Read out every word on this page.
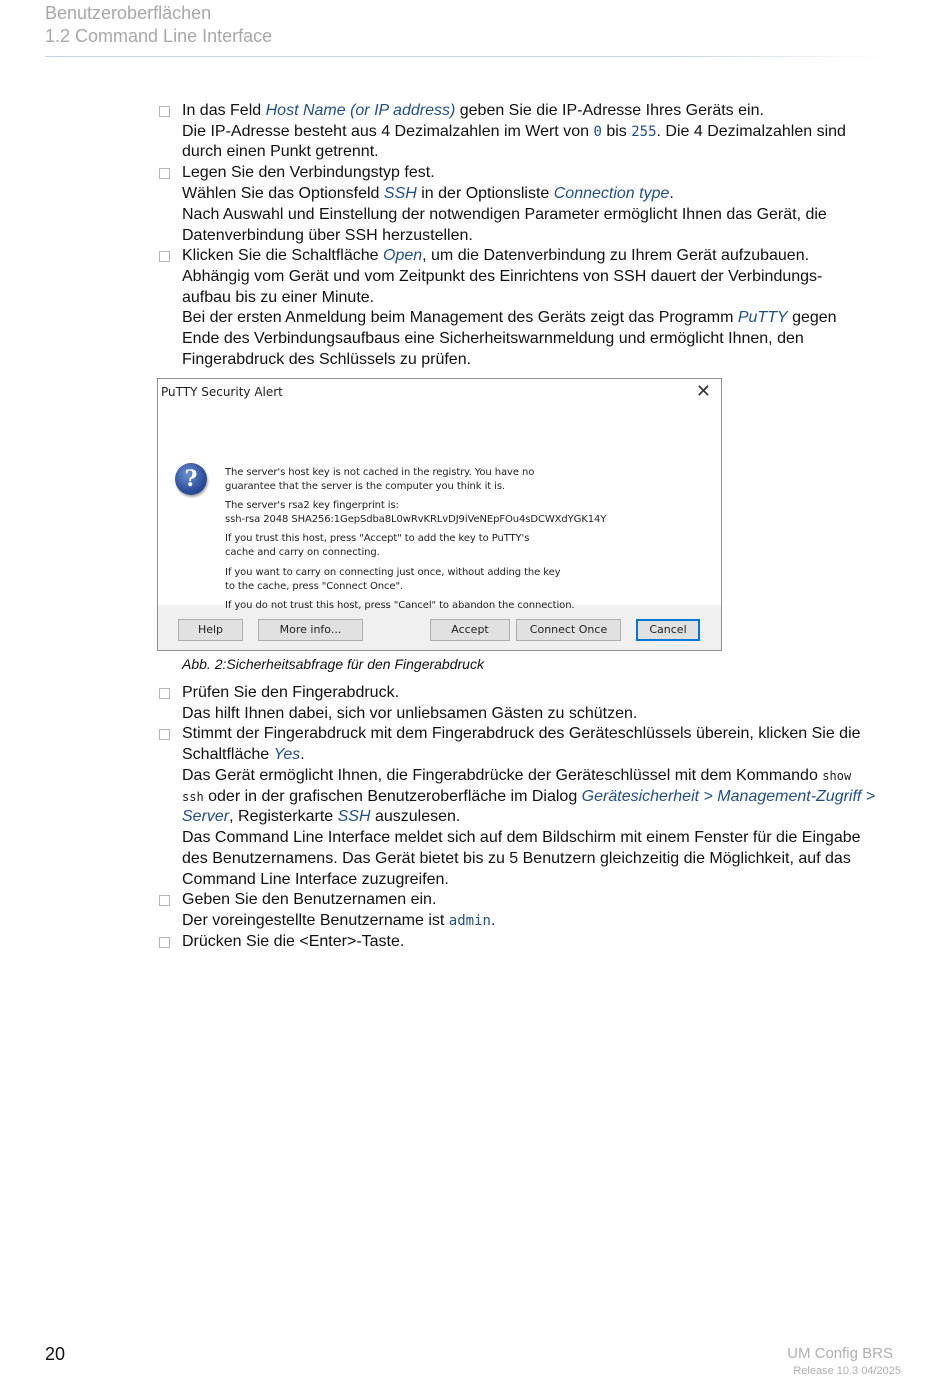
Benutzeroberflächen
1.2 Command Line Interface
In das Feld Host Name (or IP address) geben Sie die IP-Adresse Ihres Geräts ein.
Die IP-Adresse besteht aus 4 Dezimalzahlen im Wert von 0 bis 255. Die 4 Dezimalzahlen sind
durch einen Punkt getrennt.
Legen Sie den Verbindungstyp fest.
Wählen Sie das Optionsfeld SSH in der Optionsliste Connection type.
Nach Auswahl und Einstellung der notwendigen Parameter ermöglicht Ihnen das Gerät, die
Datenverbindung über SSH herzustellen.
Klicken Sie die Schaltfläche Open, um die Datenverbindung zu Ihrem Gerät aufzubauen.
Abhängig vom Gerät und vom Zeitpunkt des Einrichtens von SSH dauert der Verbindungs-
aufbau bis zu einer Minute.
Bei der ersten Anmeldung beim Management des Geräts zeigt das Programm PuTTY gegen
Ende des Verbindungsaufbaus eine Sicherheitswarnmeldung und ermöglicht Ihnen, den
Fingerabdruck des Schlüssels zu prüfen.
PuTTY Security Alert	✕
?	The server's host key is not cached in the registry. You have no
guarantee that the server is the computer you think it is.
The server's rsa2 key fingerprint is:
ssh-rsa 2048 SHA256:1GepSdba8L0wRvKRLvDJ9iVeNEpFOu4sDCWXdYGK14Y
If you trust this host, press "Accept" to add the key to PuTTY's
cache and carry on connecting.
If you want to carry on connecting just once, without adding the key
to the cache, press "Connect Once".
If you do not trust this host, press "Cancel" to abandon the connection.
Help	More info...	Accept	Connect Once	Cancel
Abb. 2:Sicherheitsabfrage für den Fingerabdruck
Prüfen Sie den Fingerabdruck.
Das hilft Ihnen dabei, sich vor unliebsamen Gästen zu schützen.
Stimmt der Fingerabdruck mit dem Fingerabdruck des Geräteschlüssels überein, klicken Sie die
Schaltfläche Yes.
Das Gerät ermöglicht Ihnen, die Fingerabdrücke der Geräteschlüssel mit dem Kommando show
ssh oder in der grafischen Benutzeroberfläche im Dialog Gerätesicherheit > Management-Zugriff >
Server, Registerkarte SSH auszulesen.
Das Command Line Interface meldet sich auf dem Bildschirm mit einem Fenster für die Eingabe
des Benutzernamens. Das Gerät bietet bis zu 5 Benutzern gleichzeitig die Möglichkeit, auf das
Command Line Interface zuzugreifen.
Geben Sie den Benutzernamen ein.
Der voreingestellte Benutzername ist admin.
Drücken Sie die <Enter>-Taste.
20	UM Config BRS
Release 10.3 04/2025
